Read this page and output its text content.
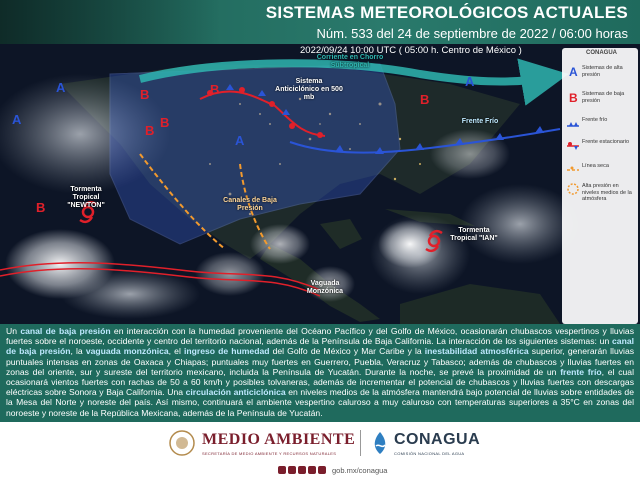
SISTEMAS METEOROLÓGICOS ACTUALES
Núm. 533 del 24 de septiembre de 2022 / 06:00 horas
2022/09/24 10:00 UTC ( 05:00 h. Centro de México )
A
A
A
A
B	B
B
B
B
B
Corriente en Chorro Subtropical
Sistema Anticiclónico en 500 mb
Frente Frío
Tormenta Tropical "NEWTON"
Tormenta Tropical "IAN"
Canales de Baja Presión
Vaguada Monzónica
CONAGUA
A Sistemas de alta presión
B Sistemas de baja presión
Frente frío
Frente estacionario
Línea seca
Alta presión en niveles medios de la atmósfera
Un canal de baja presión en interacción con la humedad proveniente del Océano Pacífico y del Golfo de México, ocasionarán chubascos vespertinos y lluvias fuertes sobre el noroeste, occidente y centro del territorio nacional, además de la Península de Baja California. La interacción de los siguientes sistemas: un canal de baja presión, la vaguada monzónica, el ingreso de humedad del Golfo de México y Mar Caribe y la inestabilidad atmosférica superior, generarán lluvias puntuales intensas en zonas de Oaxaca y Chiapas; puntuales muy fuertes en Guerrero, Puebla, Veracruz y Tabasco; además de chubascos y lluvias fuertes en zonas del oriente, sur y sureste del territorio mexicano, incluida la Península de Yucatán. Durante la noche, se prevé la proximidad de un frente frío, el cual ocasionará vientos fuertes con rachas de 50 a 60 km/h y posibles tolvaneras, además de incrementar el potencial de chubascos y lluvias fuertes con descargas eléctricas sobre Sonora y Baja California. Una circulación anticiclónica en niveles medios de la atmósfera mantendrá bajo potencial de lluvias sobre entidades de la Mesa del Norte y noreste del país. Así mismo, continuará el ambiente vespertino caluroso a muy caluroso con temperaturas superiores a 35°C en zonas del noroeste y noreste de la República Mexicana, además de la Península de Yucatán.
MEDIO AMBIENTE
SECRETARÍA DE MEDIO AMBIENTE Y RECURSOS NATURALES
CONAGUA
COMISIÓN NACIONAL DEL AGUA
gob.mx/conagua
